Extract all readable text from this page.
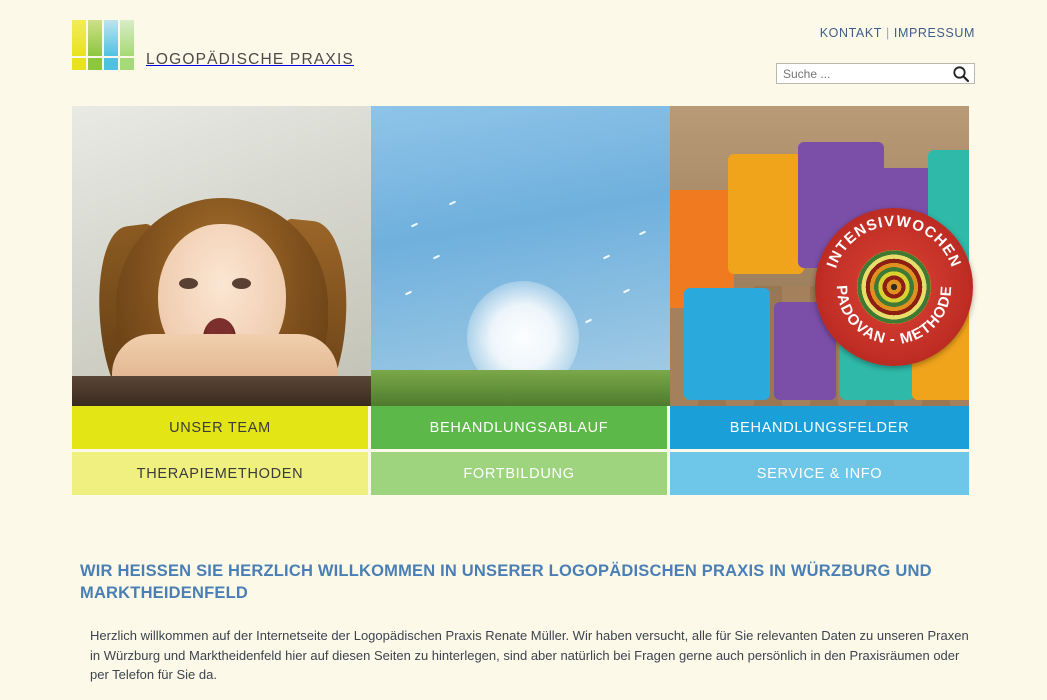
LOGOPÄDISCHE PRAXIS
KONTAKT | IMPRESSUM
Suche ...
INTENSIVWOCHEN
PADOVAN - METHODE
UNSER TEAM	BEHANDLUNGSABLAUF	BEHANDLUNGSFELDER
THERAPIEMETHODEN	FORTBILDUNG	SERVICE & INFO
WIR HEISSEN SIE HERZLICH WILLKOMMEN IN UNSERER LOGOPÄDISCHEN PRAXIS IN WÜRZBURG UND MARKTHEIDENFELD

Herzlich willkommen auf der Internetseite der Logopädischen Praxis Renate Müller. Wir haben versucht, alle für Sie relevanten Daten zu unseren Praxen in Würzburg und Marktheidenfeld hier auf diesen Seiten zu hinterlegen, sind aber natürlich bei Fragen gerne auch persönlich in den Praxisräumen oder per Telefon für Sie da.
